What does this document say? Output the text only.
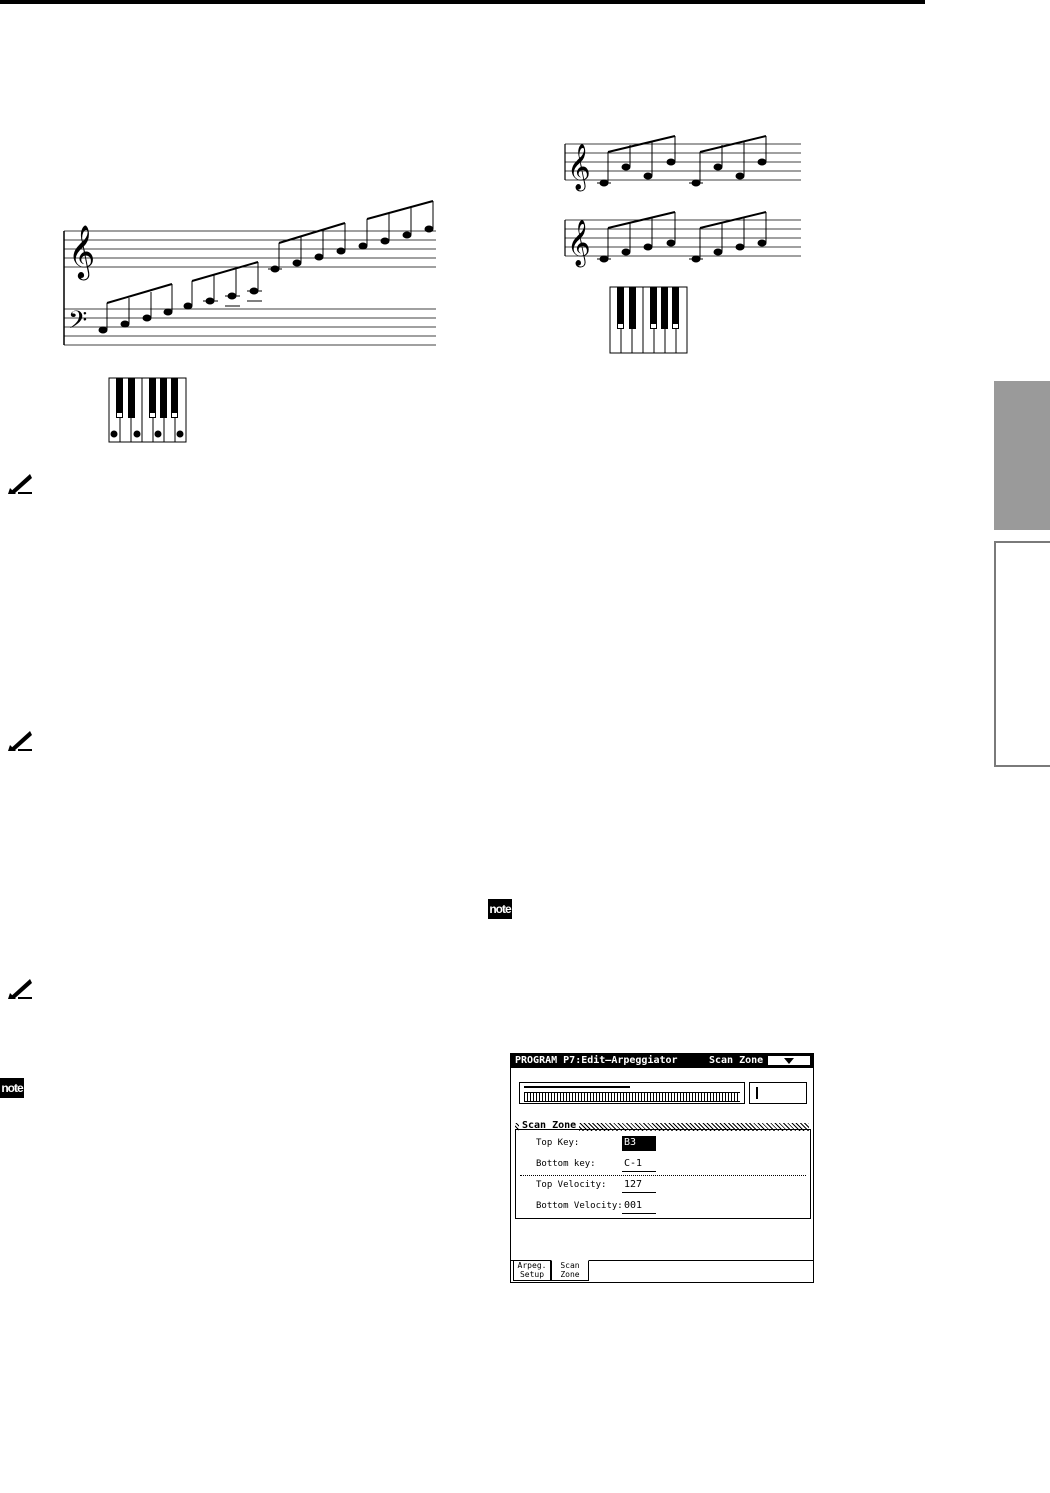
𝄞
𝄢
𝄞
𝄞
note
note
PROGRAM P7:Edit–Arpeggiator	Scan Zone
Scan Zone
Top Key:	B3
Bottom key:	C-1
Top Velocity: 127
Bottom Velocity: 001
Arpeg.
Setup
Scan
Zone
